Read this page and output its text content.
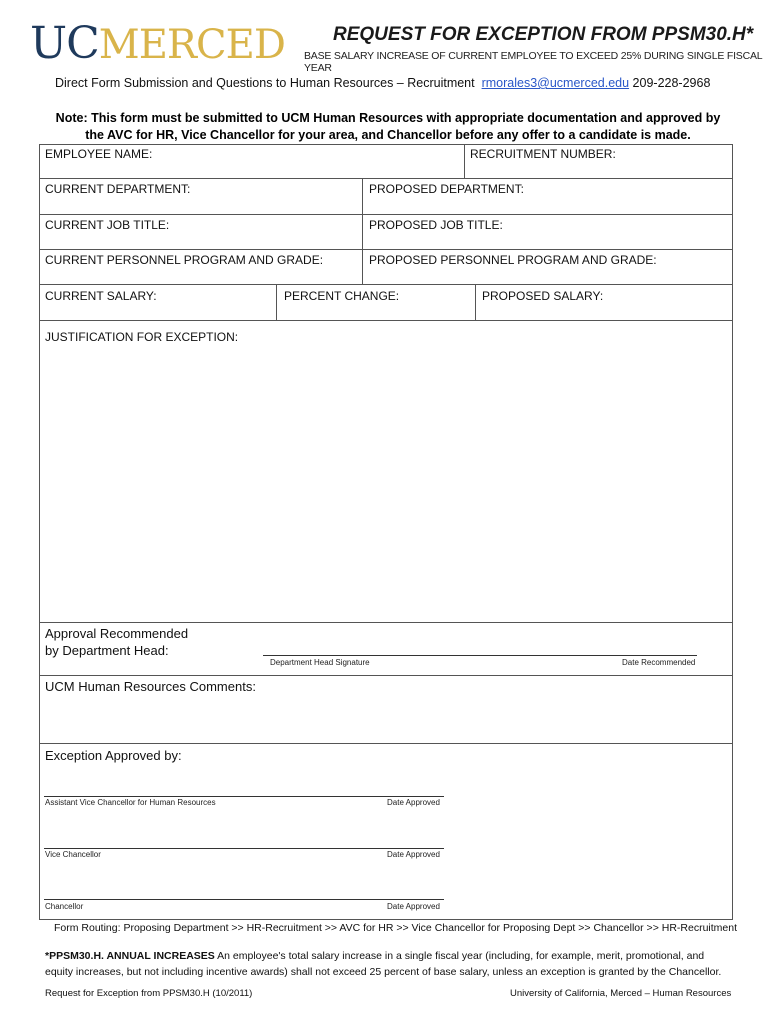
UCMERCED	REQUEST FOR EXCEPTION FROM PPSM30.H*
BASE SALARY INCREASE OF CURRENT EMPLOYEE TO EXCEED 25% DURING SINGLE FISCAL YEAR
Direct Form Submission and Questions to Human Resources – Recruitment rmorales3@ucmerced.edu 209-228-2968
Note: This form must be submitted to UCM Human Resources with appropriate documentation and approved by the AVC for HR, Vice Chancellor for your area, and Chancellor before any offer to a candidate is made.
EMPLOYEE NAME:	RECRUITMENT NUMBER:
CURRENT DEPARTMENT:	PROPOSED DEPARTMENT:
CURRENT JOB TITLE:	PROPOSED JOB TITLE:
CURRENT PERSONNEL PROGRAM AND GRADE:	PROPOSED PERSONNEL PROGRAM AND GRADE:
CURRENT SALARY:	PERCENT CHANGE:	PROPOSED SALARY:
JUSTIFICATION FOR EXCEPTION:
Approval Recommended
by Department Head:
Department Head Signature	Date Recommended
UCM Human Resources Comments:
Exception Approved by:
Assistant Vice Chancellor for Human Resources	Date Approved
Vice Chancellor	Date Approved
Chancellor	Date Approved
Form Routing: Proposing Department >> HR-Recruitment >> AVC for HR >> Vice Chancellor for Proposing Dept >> Chancellor >> HR-Recruitment
*PPSM30.H. ANNUAL INCREASES An employee's total salary increase in a single fiscal year (including, for example, merit, promotional, and equity increases, but not including incentive awards) shall not exceed 25 percent of base salary, unless an exception is granted by the Chancellor.
Request for Exception from PPSM30.H (10/2011)	University of California, Merced – Human Resources
